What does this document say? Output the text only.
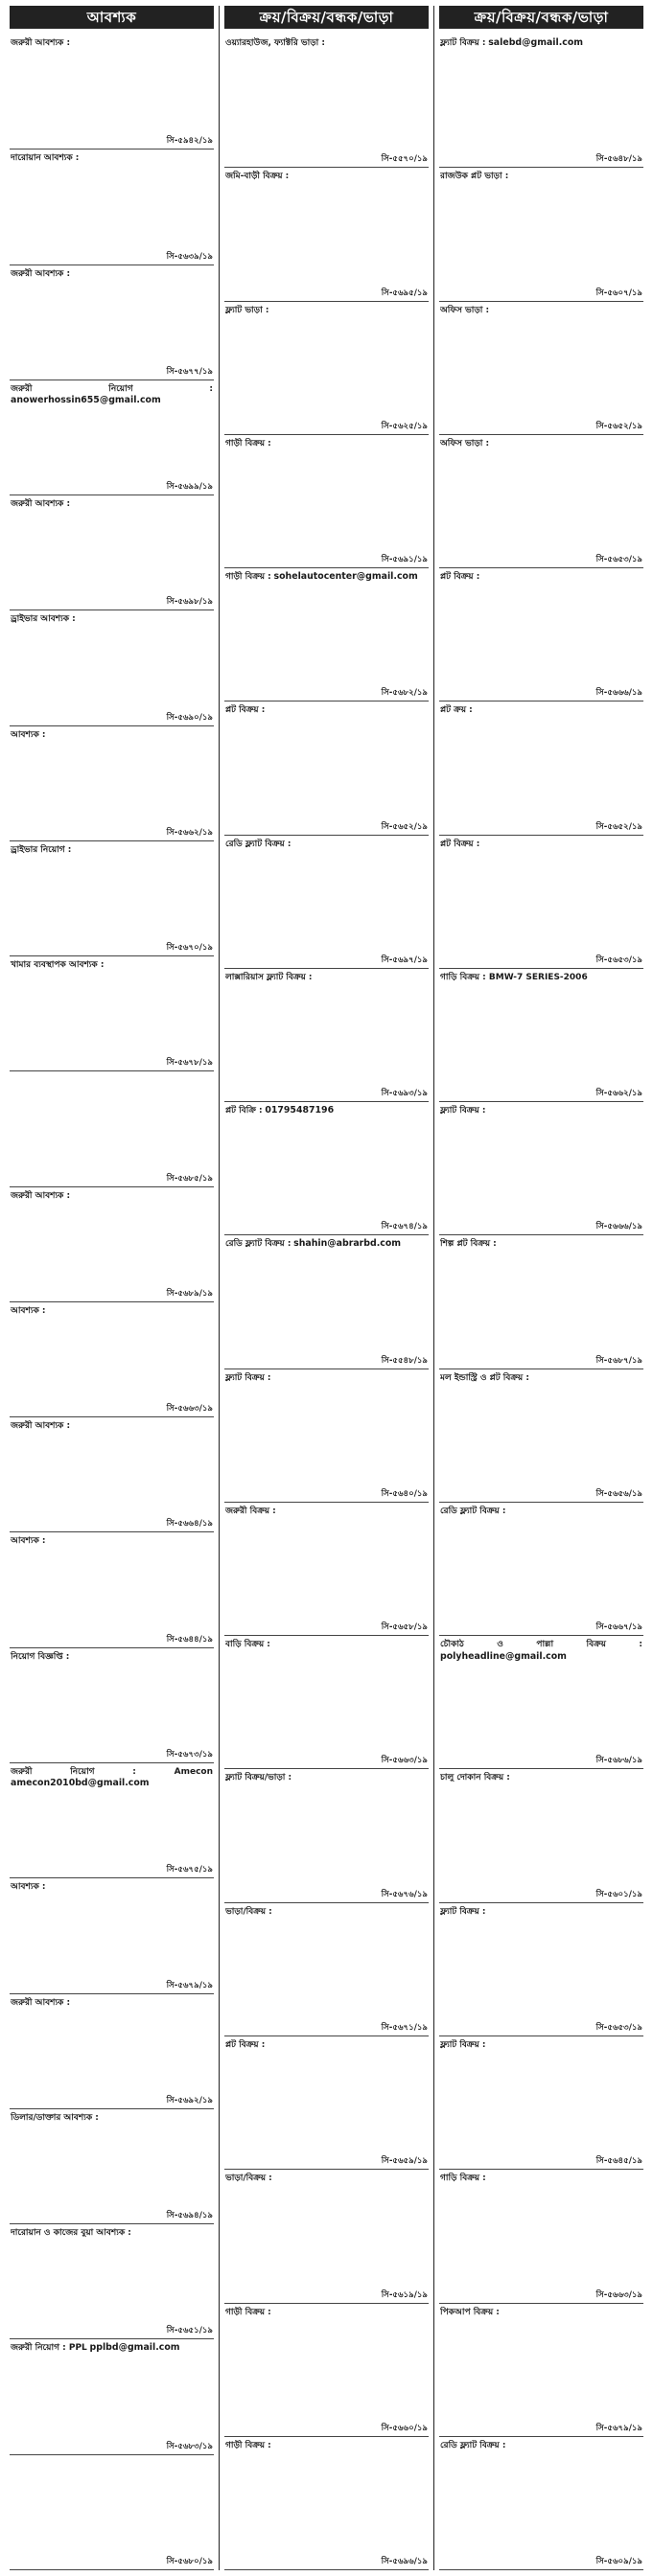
আবশ্যক
জরুরী আবশ্যক :
সি-৫৯৪২/১৯
দারোয়ান আবশ্যক :
সি-৫৬৩৯/১৯
জরুরী আবশ্যক :
সি-৫৬৭৭/১৯
জরুরী নিয়োগ : anowerhossin655@gmail.com
সি-৫৬৯৯/১৯
জরুরী আবশ্যক :
সি-৫৬৯৮/১৯
ড্রাইভার আবশ্যক :
সি-৫৬৯০/১৯
আবশ্যক :
সি-৫৬৬২/১৯
ড্রাইভার নিয়োগ :
সি-৫৬৭০/১৯
খামার ব্যবস্থাপক আবশ্যক :
সি-৫৬৭৮/১৯
সি-৫৬৮৫/১৯
জরুরী আবশ্যক :
সি-৫৬৮৯/১৯
আবশ্যক :
সি-৫৬৬৩/১৯
জরুরী আবশ্যক :
সি-৫৬৬৪/১৯
আবশ্যক :
সি-৫৬৪৪/১৯
নিয়োগ বিজ্ঞপ্তি :
সি-৫৬৭৩/১৯
জরুরী নিয়োগ : Amecon amecon2010bd@gmail.com
সি-৫৬৭৫/১৯
আবশ্যক :
সি-৫৬৭৯/১৯
জরুরী আবশ্যক :
সি-৫৬৯২/১৯
ডিলার/ডাক্তার আবশ্যক :
সি-৫৬৯৪/১৯
দারোয়ান ও কাজের বুয়া আবশ্যক :
সি-৫৬৫১/১৯
জরুরী নিয়োগ : PPL pplbd@gmail.com
সি-৫৬৮৩/১৯
সি-৫৬৮০/১৯
ক্রয়/বিক্রয়/বন্ধক/ভাড়া
ওয়্যারহাউজ, ফ্যাক্টরি ভাড়া :
সি-৫৫৭০/১৯
জমি-বাড়ী বিক্রয় :
সি-৫৬৯৫/১৯
ফ্ল্যাট ভাড়া :
সি-৫৬২৫/১৯
গাড়ী বিক্রয় :
সি-৫৬৯১/১৯
গাড়ী বিক্রয় : sohelautocenter@gmail.com
সি-৫৬৮২/১৯
প্লট বিক্রয় :
সি-৫৬৫২/১৯
রেডি ফ্ল্যাট বিক্রয় :
সি-৫৬৯৭/১৯
লাক্সারিয়াস ফ্ল্যাট বিক্রয় :
সি-৫৬৯৩/১৯
প্লট বিক্রি : 01795487196
সি-৫৬৭৪/১৯
রেডি ফ্ল্যাট বিক্রয় : shahin@abrarbd.com
সি-৫৫৪৮/১৯
ফ্ল্যাট বিক্রয় :
সি-৫৬৪০/১৯
জরুরী বিক্রয় :
সি-৫৬৫৮/১৯
বাড়ি বিক্রয় :
সি-৫৬৬৩/১৯
ফ্ল্যাট বিক্রয়/ভাড়া :
সি-৫৬৭৬/১৯
ভাড়া/বিক্রয় :
সি-৫৬৭১/১৯
প্লট বিক্রয় :
সি-৫৬৫৯/১৯
ভাড়া/বিক্রয় :
সি-৫৬১৯/১৯
গাড়ী বিক্রয় :
সি-৫৬৬০/১৯
গাড়ী বিক্রয় :
সি-৫৬৯৬/১৯
ক্রয়/বিক্রয়/বন্ধক/ভাড়া
ফ্ল্যাট বিক্রয় : salebd@gmail.com
সি-৫৬৪৮/১৯
রাজউক প্লট ভাড়া :
সি-৫৬০৭/১৯
অফিস ভাড়া :
সি-৫৬৫২/১৯
অফিস ভাড়া :
সি-৫৬৫৩/১৯
প্লট বিক্রয় :
সি-৫৬৬৬/১৯
প্লট ক্রয় :
সি-৫৬৫২/১৯
প্লট বিক্রয় :
সি-৫৬৫৩/১৯
গাড়ি বিক্রয় : BMW-7 SERIES-2006
সি-৫৬৬২/১৯
ফ্ল্যাট বিক্রয় :
সি-৫৬৬৬/১৯
শিল্প প্লট বিক্রয় :
সি-৫৬৮৭/১৯
মল ইন্ডাস্ট্রি ও প্লট বিক্রয় :
সি-৫৬৫৬/১৯
রেডি ফ্ল্যাট বিক্রয় :
সি-৫৬৬৭/১৯
চৌকাঠ ও পাল্লা বিক্রয় : polyheadline@gmail.com
সি-৫৬৮৬/১৯
চালু দোকান বিক্রয় :
সি-৫৬০১/১৯
ফ্ল্যাট বিক্রয় :
সি-৫৬৫৩/১৯
ফ্ল্যাট বিক্রয় :
সি-৫৬৪৫/১৯
গাড়ি বিক্রয় :
সি-৫৬৬৩/১৯
পিকআপ বিক্রয় :
সি-৫৬৭৯/১৯
রেডি ফ্ল্যাট বিক্রয় :
সি-৫৬০৯/১৯
